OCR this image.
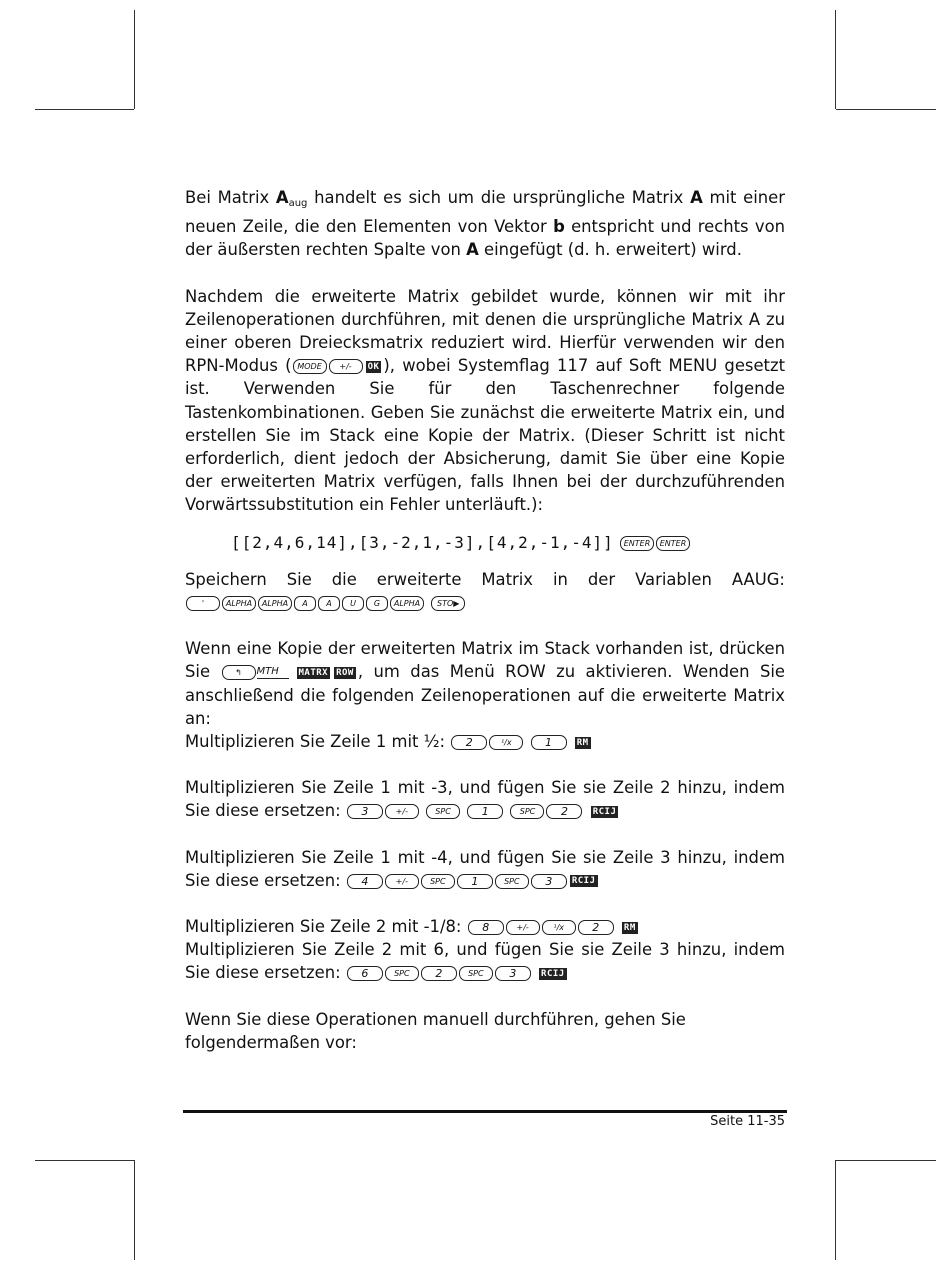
Bei Matrix $A_{aug}$ handelt es sich um die ursprüngliche Matrix A mit einer neuen Zeile, die den Elementen von Vektor b entspricht und rechts von der äußersten rechten Spalte von A eingefügt (d. h. erweitert) wird.

Nachdem die erweiterte Matrix gebildet wurde, können wir mit ihr Zeilenoperationen durchführen, mit denen die ursprüngliche Matrix A zu einer oberen Dreiecksmatrix reduziert wird. Hierfür verwenden wir den RPN-Modus ( MODE +/- OK ), wobei Systemflag 117 auf Soft MENU gesetzt ist. Verwenden Sie für den Taschenrechner folgende Tastenkombinationen. Geben Sie zunächst die erweiterte Matrix ein, und erstellen Sie im Stack eine Kopie der Matrix. (Dieser Schritt ist nicht erforderlich, dient jedoch der Absicherung, damit Sie über eine Kopie der erweiterten Matrix verfügen, falls Ihnen bei der durchzuführenden Vorwärtssubstitution ein Fehler unterläuft.):

[[2,4,6,14],[3,-2,1,-3],[4,2,-1,-4]] ENTER ENTER

Speichern Sie die erweiterte Matrix in der Variablen AAUG:

'	ALPHA ALPHA A A U G ALPHA STO▶

Wenn eine Kopie der erweiterten Matrix im Stack vorhanden ist, drücken Sie	↰ MTH MATRX ROW , um das Menü ROW zu aktivieren. Wenden Sie anschließend die folgenden Zeilenoperationen auf die erweiterte Matrix an:

Multiplizieren Sie Zeile 1 mit ½: 2	¹/x	1	RM

Multiplizieren Sie Zeile 1 mit -3, und fügen Sie sie Zeile 2 hinzu, indem Sie diese ersetzen: 3	+/-	SPC	1	SPC 2	RCIJ

Multiplizieren Sie Zeile 1 mit -4, und fügen Sie sie Zeile 3 hinzu, indem Sie diese ersetzen: 4	+/-	SPC 1	SPC 3 RCIJ

Multiplizieren Sie Zeile 2 mit -1/8: 8	+/-	¹/x	2	RM

Multiplizieren Sie Zeile 2 mit 6, und fügen Sie sie Zeile 3 hinzu, indem Sie diese ersetzen: 6	SPC 2	SPC 3	RCIJ

Wenn Sie diese Operationen manuell durchführen, gehen Sie
folgendermaßen vor:

Seite 11-35
